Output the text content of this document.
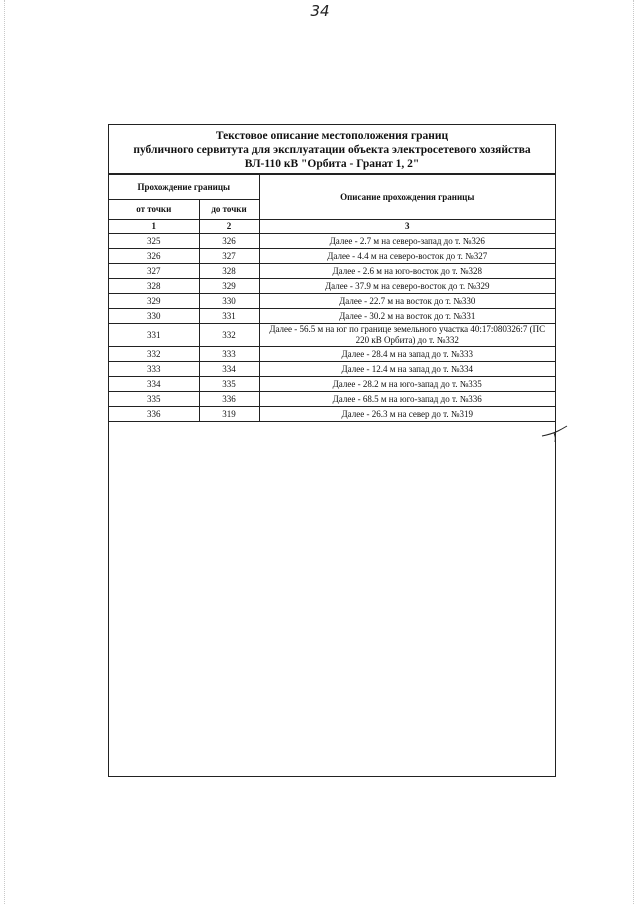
34
Текстовое описание местоположения границ
публичного сервитута для эксплуатации объекта электросетевого хозяйства
ВЛ-110 кВ "Орбита - Гранат 1, 2"
Прохождение границы		Описание прохождения границы
от точки	до точки	
1	2	3
325	326	Далее - 2.7 м на северо-запад до т. №326
326	327	Далее - 4.4 м на северо-восток до т. №327
327	328	Далее - 2.6 м на юго-восток до т. №328
328	329	Далее - 37.9 м на северо-восток до т. №329
329	330	Далее - 22.7 м на восток до т. №330
330	331	Далее - 30.2 м на восток до т. №331
331	332	Далее - 56.5 м на юг по границе земельного участка 40:17:080326:7 (ПС 220 кВ Орбита) до т. №332
332	333	Далее - 28.4 м на запад до т. №333
333	334	Далее - 12.4 м на запад до т. №334
334	335	Далее - 28.2 м на юго-запад до т. №335
335	336	Далее - 68.5 м на юго-запад до т. №336
336	319	Далее - 26.3 м на север до т. №319
